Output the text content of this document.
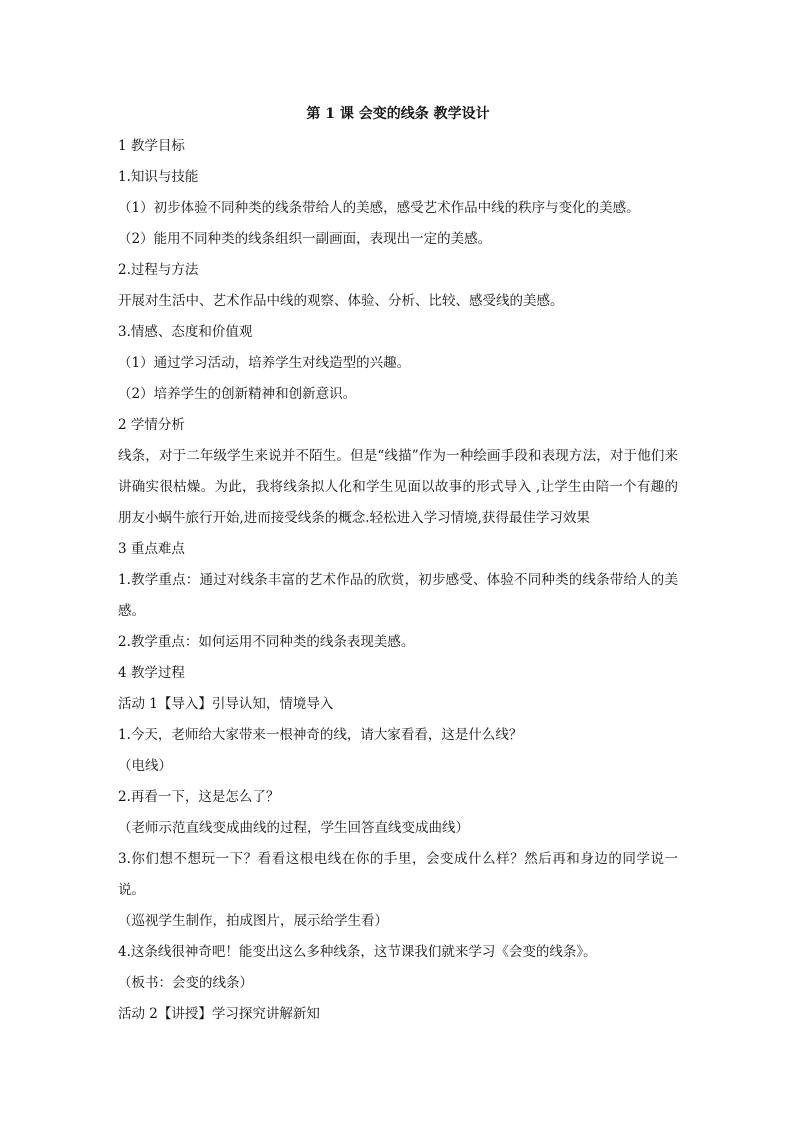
第 1 课 会变的线条 教学设计

1 教学目标

1.知识与技能

（1）初步体验不同种类的线条带给人的美感，感受艺术作品中线的秩序与变化的美感。

（2）能用不同种类的线条组织一副画面，表现出一定的美感。

2.过程与方法

开展对生活中、艺术作品中线的观察、体验、分析、比较、感受线的美感。

3.情感、态度和价值观

（1）通过学习活动，培养学生对线造型的兴趣。

（2）培养学生的创新精神和创新意识。

2 学情分析

线条，对于二年级学生来说并不陌生。但是“线描”作为一种绘画手段和表现方法，对于他们来讲确实很枯燥。为此，我将线条拟人化和学生见面以故事的形式导入 ,让学生由陪一个有趣的朋友小蜗牛旅行开始,进而接受线条的概念.轻松进入学习情境,获得最佳学习效果

3 重点难点

1.教学重点：通过对线条丰富的艺术作品的欣赏，初步感受、体验不同种类的线条带给人的美感。

2.教学重点：如何运用不同种类的线条表现美感。

4 教学过程

活动 1【导入】引导认知，情境导入

1.今天，老师给大家带来一根神奇的线，请大家看看，这是什么线？

（电线）

2.再看一下，这是怎么了？

（老师示范直线变成曲线的过程，学生回答直线变成曲线）

3.你们想不想玩一下？看看这根电线在你的手里，会变成什么样？然后再和身边的同学说一说。

（巡视学生制作，拍成图片，展示给学生看）

4.这条线很神奇吧！能变出这么多种线条，这节课我们就来学习《会变的线条》。

（板书：会变的线条）

活动 2【讲授】学习探究讲解新知
